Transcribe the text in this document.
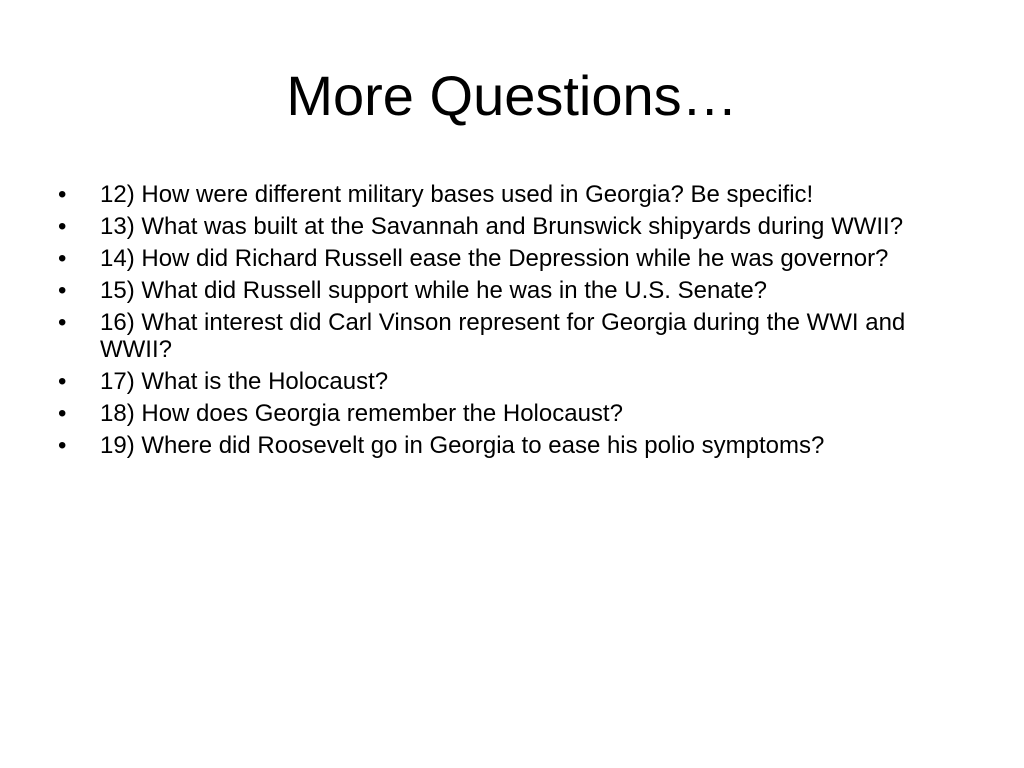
More Questions…
•	12) How were different military bases used in Georgia? Be specific!
•	13) What was built at the Savannah and Brunswick shipyards during WWII?
•	14) How did Richard Russell ease the Depression while he was governor?
•	15) What did Russell support while he was in the U.S. Senate?
•	16) What interest did Carl Vinson represent for Georgia during the WWI and WWII?
•	17) What is the Holocaust?
•	18) How does Georgia remember the Holocaust?
•	19) Where did Roosevelt go in Georgia to ease his polio symptoms?
